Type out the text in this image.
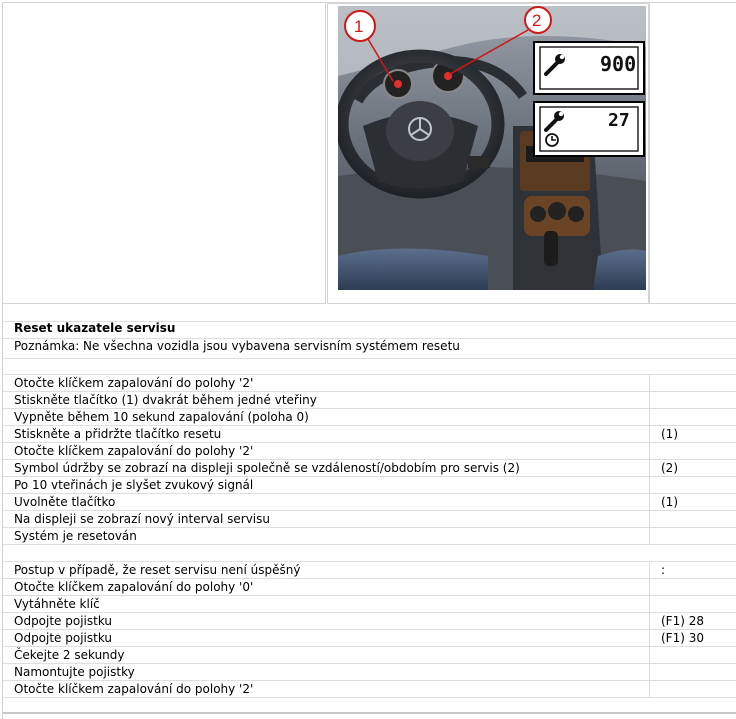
900
27
1	2
Reset ukazatele servisu
Poznámka: Ne všechna vozidla jsou vybavena servisním systémem resetu
Otočte klíčkem zapalování do polohy '2'
Stiskněte tlačítko (1) dvakrát během jedné vteřiny
Vypněte během 10 sekund zapalování (poloha 0)
Stiskněte a přidržte tlačítko resetu	(1)
Otočte klíčkem zapalování do polohy '2'
Symbol údržby se zobrazí na displeji společně se vzdáleností/obdobím pro servis (2)	(2)
Po 10 vteřinách je slyšet zvukový signál
Uvolněte tlačítko	(1)
Na displeji se zobrazí nový interval servisu
Systém je resetován
Postup v případě, že reset servisu není úspěšný	:
Otočte klíčkem zapalování do polohy '0'
Vytáhněte klíč
Odpojte pojistku	(F1) 28
Odpojte pojistku	(F1) 30
Čekejte 2 sekundy
Namontujte pojistky
Otočte klíčkem zapalování do polohy '2'
